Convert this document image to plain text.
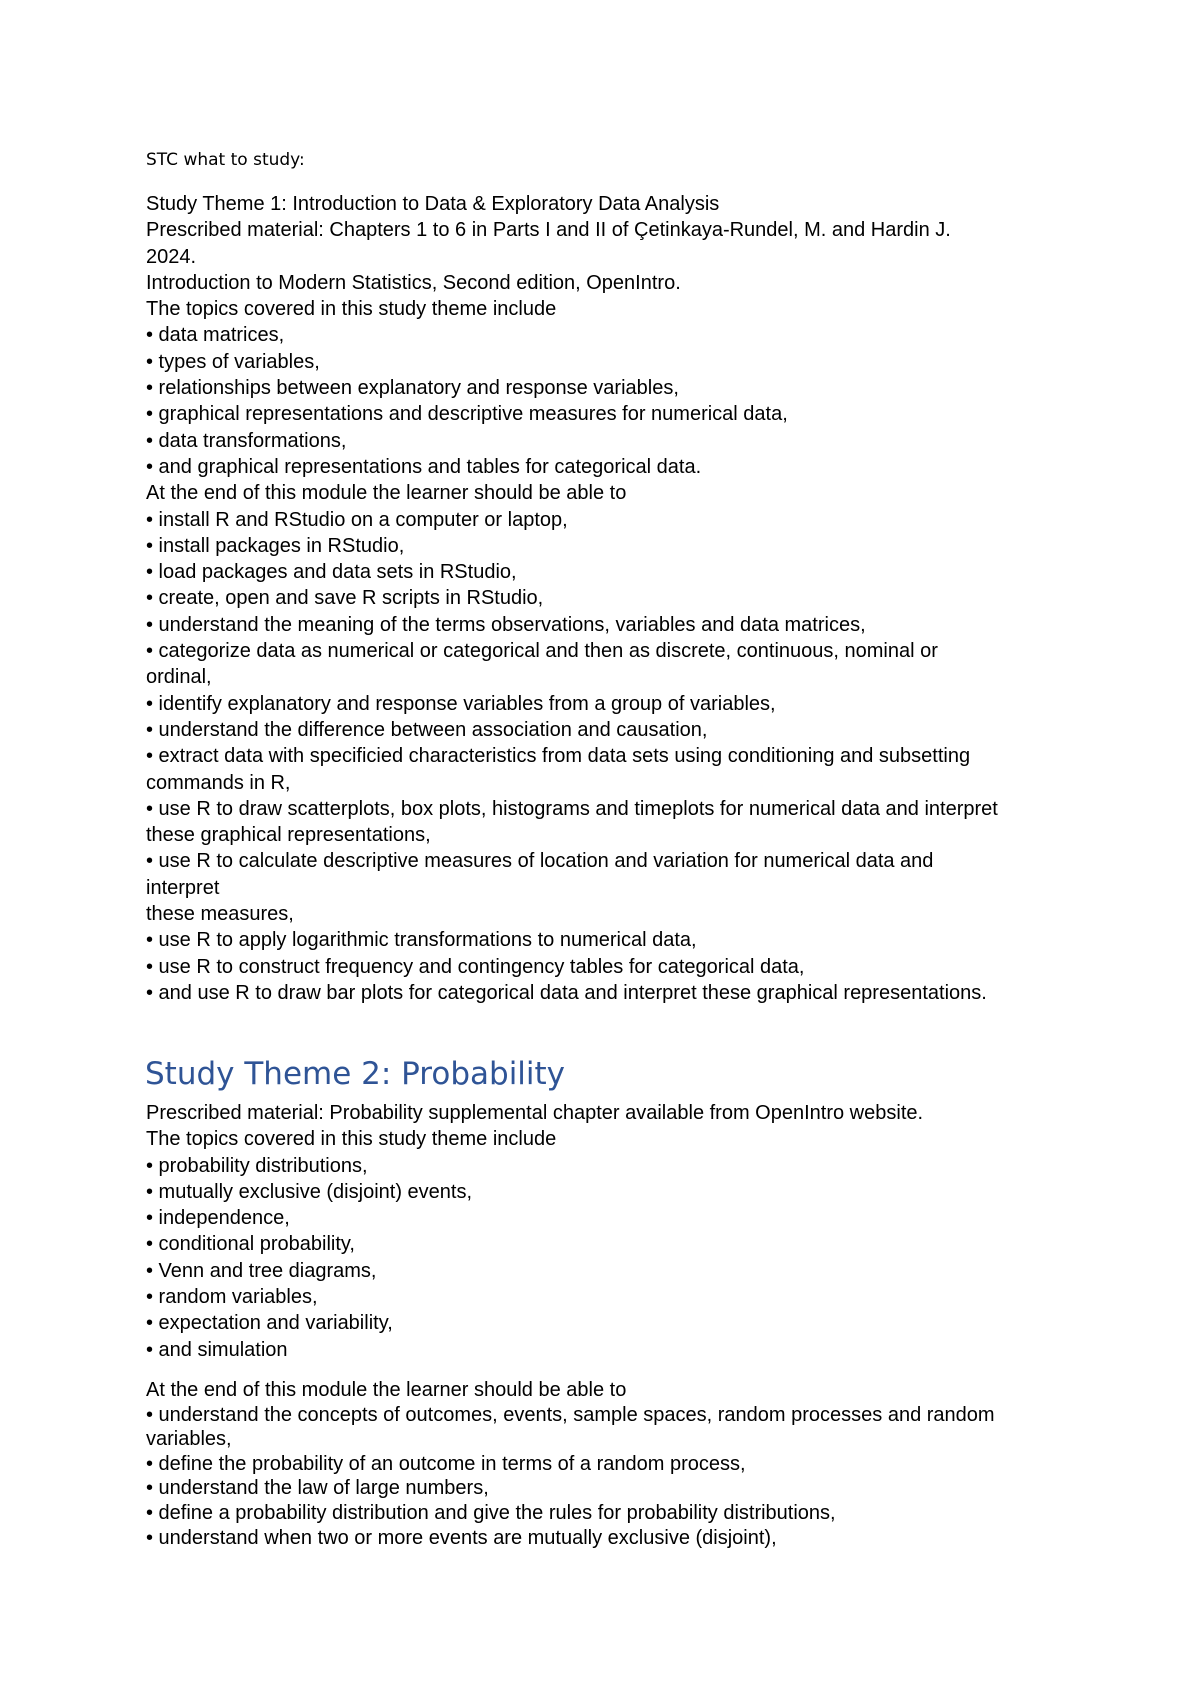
STC what to study:
Study Theme 1: Introduction to Data & Exploratory Data Analysis
Prescribed material: Chapters 1 to 6 in Parts I and II of Çetinkaya-Rundel, M. and Hardin J.
2024.
Introduction to Modern Statistics, Second edition, OpenIntro.
The topics covered in this study theme include
• data matrices,
• types of variables,
• relationships between explanatory and response variables,
• graphical representations and descriptive measures for numerical data,
• data transformations,
• and graphical representations and tables for categorical data.
At the end of this module the learner should be able to
• install R and RStudio on a computer or laptop,
• install packages in RStudio,
• load packages and data sets in RStudio,
• create, open and save R scripts in RStudio,
• understand the meaning of the terms observations, variables and data matrices,
• categorize data as numerical or categorical and then as discrete, continuous, nominal or
ordinal,
• identify explanatory and response variables from a group of variables,
• understand the difference between association and causation,
• extract data with specificied characteristics from data sets using conditioning and subsetting
commands in R,
• use R to draw scatterplots, box plots, histograms and timeplots for numerical data and interpret
these graphical representations,
• use R to calculate descriptive measures of location and variation for numerical data and
interpret
these measures,
• use R to apply logarithmic transformations to numerical data,
• use R to construct frequency and contingency tables for categorical data,
• and use R to draw bar plots for categorical data and interpret these graphical representations.
Study Theme 2: Probability
Prescribed material: Probability supplemental chapter available from OpenIntro website.
The topics covered in this study theme include
• probability distributions,
• mutually exclusive (disjoint) events,
• independence,
• conditional probability,
• Venn and tree diagrams,
• random variables,
• expectation and variability,
• and simulation
At the end of this module the learner should be able to
• understand the concepts of outcomes, events, sample spaces, random processes and random
variables,
• define the probability of an outcome in terms of a random process,
• understand the law of large numbers,
• define a probability distribution and give the rules for probability distributions,
• understand when two or more events are mutually exclusive (disjoint),
